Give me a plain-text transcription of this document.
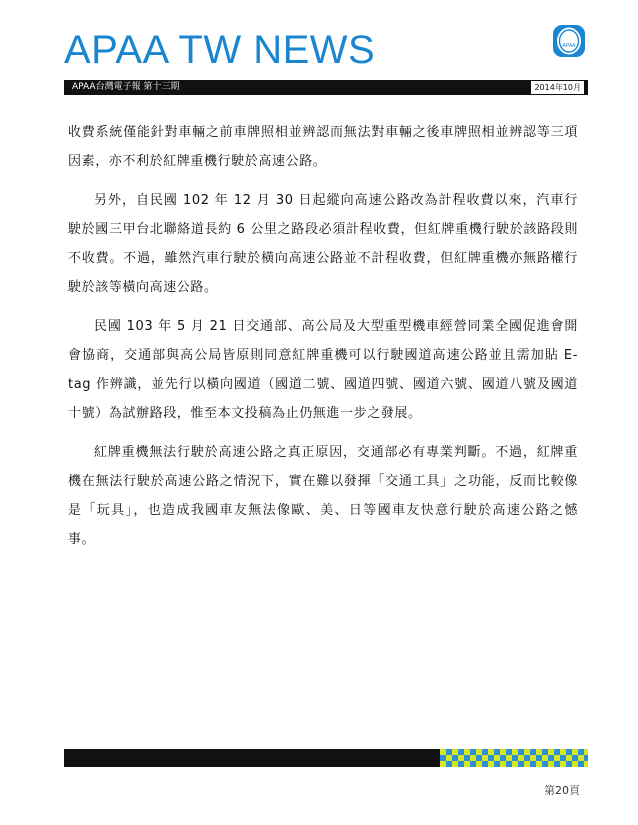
APAA TW NEWS	APAA
APAA台灣電子報 第十三期	2014年10月

收費系統僅能針對車輛之前車牌照相並辨認而無法對車輛之後車牌照相並辨認等三項因素，亦不利於紅牌重機行駛於高速公路。

另外，自民國 102 年 12 月 30 日起縱向高速公路改為計程收費以來，汽車行駛於國三甲台北聯絡道長約 6 公里之路段必須計程收費，但紅牌重機行駛於該路段則不收費。不過，雖然汽車行駛於橫向高速公路並不計程收費，但紅牌重機亦無路權行駛於該等橫向高速公路。

民國 103 年 5 月 21 日交通部、高公局及大型重型機車經營同業全國促進會開會協商，交通部與高公局皆原則同意紅牌重機可以行駛國道高速公路並且需加貼 E-tag 作辨識，並先行以橫向國道（國道二號、國道四號、國道六號、國道八號及國道十號）為試辦路段，惟至本文投稿為止仍無進一步之發展。

紅牌重機無法行駛於高速公路之真正原因，交通部必有專業判斷。不過，紅牌重機在無法行駛於高速公路之情況下，實在難以發揮「交通工具」之功能，反而比較像是「玩具」，也造成我國車友無法像歐、美、日等國車友快意行駛於高速公路之憾事。

第20頁
